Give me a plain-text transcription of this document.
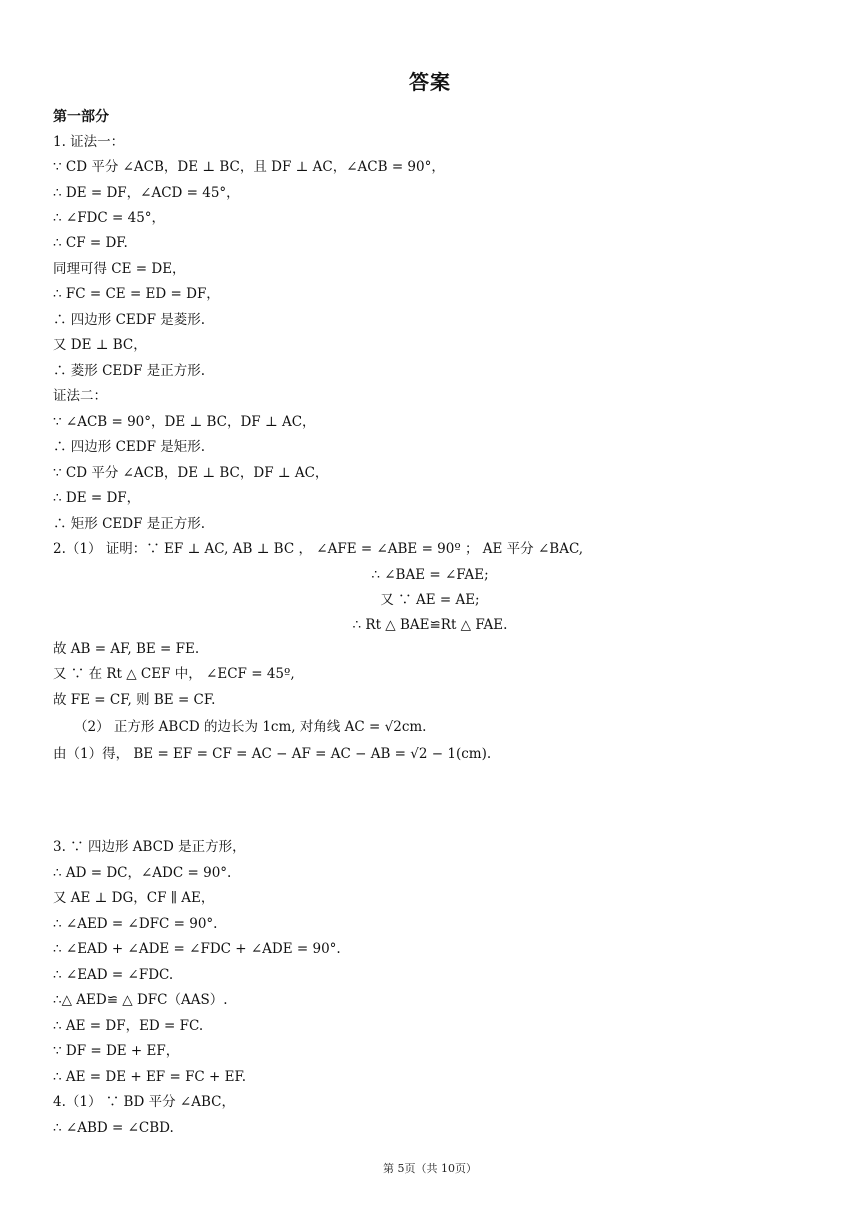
答案
第一部分
1. 证法一：
∵ CD 平分 ∠ACB，DE ⊥ BC，且 DF ⊥ AC，∠ACB = 90°，
∴ DE = DF，∠ACD = 45°，
∴ ∠FDC = 45°，
∴ CF = DF.
同理可得 CE = DE，
∴ FC = CE = ED = DF，
∴ 四边形 CEDF 是菱形.
又 DE ⊥ BC，
∴ 菱形 CEDF 是正方形.
证法二：
∵ ∠ACB = 90°，DE ⊥ BC，DF ⊥ AC，
∴ 四边形 CEDF 是矩形.
∵ CD 平分 ∠ACB，DE ⊥ BC，DF ⊥ AC，
∴ DE = DF，
∴ 矩形 CEDF 是正方形.
2.（1） 证明：∵ EF ⊥ AC, AB ⊥ BC ， ∠AFE = ∠ABE = 90º ； AE 平分 ∠BAC,
∴ ∠BAE = ∠FAE;
又 ∵ AE = AE;
∴ Rt △ BAE≌Rt △ FAE.
故 AB = AF, BE = FE.
又 ∵ 在 Rt △ CEF 中， ∠ECF = 45º,
故 FE = CF, 则 BE = CF.
（2） 正方形 ABCD 的边长为 1cm, 对角线 AC = √2cm.
由（1）得， BE = EF = CF = AC − AF = AC − AB = √2 − 1(cm).
3. ∵ 四边形 ABCD 是正方形，
∴ AD = DC，∠ADC = 90°.
又 AE ⊥ DG，CF ∥ AE，
∴ ∠AED = ∠DFC = 90°.
∴ ∠EAD + ∠ADE = ∠FDC + ∠ADE = 90°.
∴ ∠EAD = ∠FDC.
∴△ AED≌ △ DFC（AAS）.
∴ AE = DF，ED = FC.
∵ DF = DE + EF，
∴ AE = DE + EF = FC + EF.
4.（1） ∵ BD 平分 ∠ABC，
∴ ∠ABD = ∠CBD.
第 5页（共 10页）
